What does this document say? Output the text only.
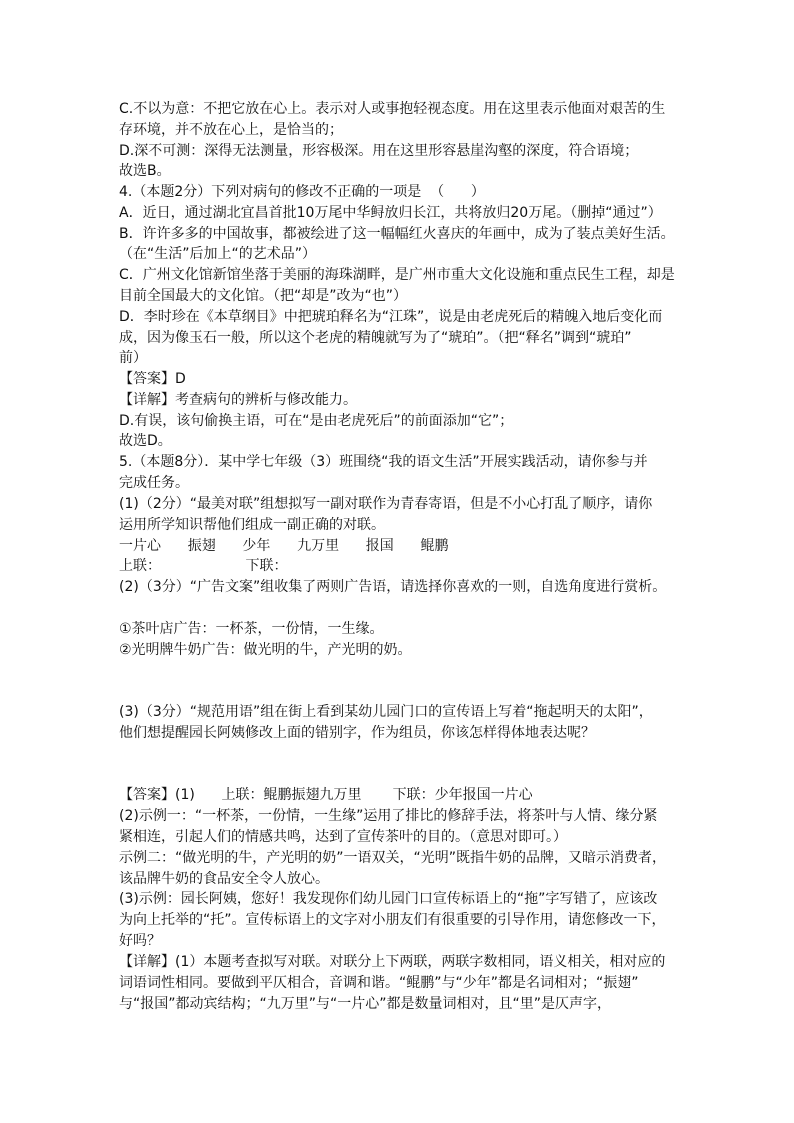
C.不以为意：不把它放在心上。表示对人或事抱轻视态度。用在这里表示他面对艰苦的生
存环境，并不放在心上，是恰当的；
D.深不可测：深得无法测量，形容极深。用在这里形容悬崖沟壑的深度，符合语境；
故选B。
4.（本题2分）下列对病句的修改不正确的一项是  （      ）
A．近日，通过湖北宜昌首批10万尾中华鲟放归长江，共将放归20万尾。（删掉“通过”）
B．许许多多的中国故事，都被绘进了这一幅幅红火喜庆的年画中，成为了装点美好生活。
（在“生活”后加上“的艺术品”）
C．广州文化馆新馆坐落于美丽的海珠湖畔，是广州市重大文化设施和重点民生工程，却是
目前全国最大的文化馆。（把“却是”改为“也”）
D．李时珍在《本草纲目》中把琥珀释名为“江珠”，说是由老虎死后的精魄入地后变化而
成，因为像玉石一般，所以这个老虎的精魄就写为了“琥珀”。（把“释名”调到“琥珀”
前）
【答案】D
【详解】考查病句的辨析与修改能力。
D.有误，该句偷换主语，可在“是由老虎死后”的前面添加“它”；
故选D。
5.（本题8分）．某中学七年级（3）班围绕“我的语文生活”开展实践活动，请你参与并
完成任务。
(1)（2分）“最美对联”组想拟写一副对联作为青春寄语，但是不小心打乱了顺序，请你
运用所学知识帮他们组成一副正确的对联。
一片心      振翅      少年      九万里      报国      鲲鹏
上联：                   下联：
(2)（3分）“广告文案”组收集了两则广告语，请选择你喜欢的一则，自选角度进行赏析。
①茶叶店广告：一杯茶，一份情，一生缘。
②光明牌牛奶广告：做光明的牛，产光明的奶。
(3)（3分）“规范用语”组在街上看到某幼儿园门口的宣传语上写着“拖起明天的太阳”，
他们想提醒园长阿姨修改上面的错别字，作为组员，你该怎样得体地表达呢？
【答案】(1)      上联：鲲鹏振翅九万里       下联：少年报国一片心
(2)示例一：“一杯茶，一份情，一生缘”运用了排比的修辞手法，将茶叶与人情、缘分紧
紧相连，引起人们的情感共鸣，达到了宣传茶叶的目的。（意思对即可。）
示例二：“做光明的牛，产光明的奶”一语双关，“光明”既指牛奶的品牌，又暗示消费者，
该品牌牛奶的食品安全令人放心。
(3)示例：园长阿姨，您好！我发现你们幼儿园门口宣传标语上的“拖”字写错了，应该改
为向上托举的“托”。宣传标语上的文字对小朋友们有很重要的引导作用，请您修改一下，
好吗？
【详解】(1）本题考查拟写对联。对联分上下两联，两联字数相同，语义相关，相对应的
词语词性相同。要做到平仄相合，音调和谐。“鲲鹏”与“少年”都是名词相对；“振翅”
与“报国”都动宾结构；“九万里”与“一片心”都是数量词相对，且“里”是仄声字，
